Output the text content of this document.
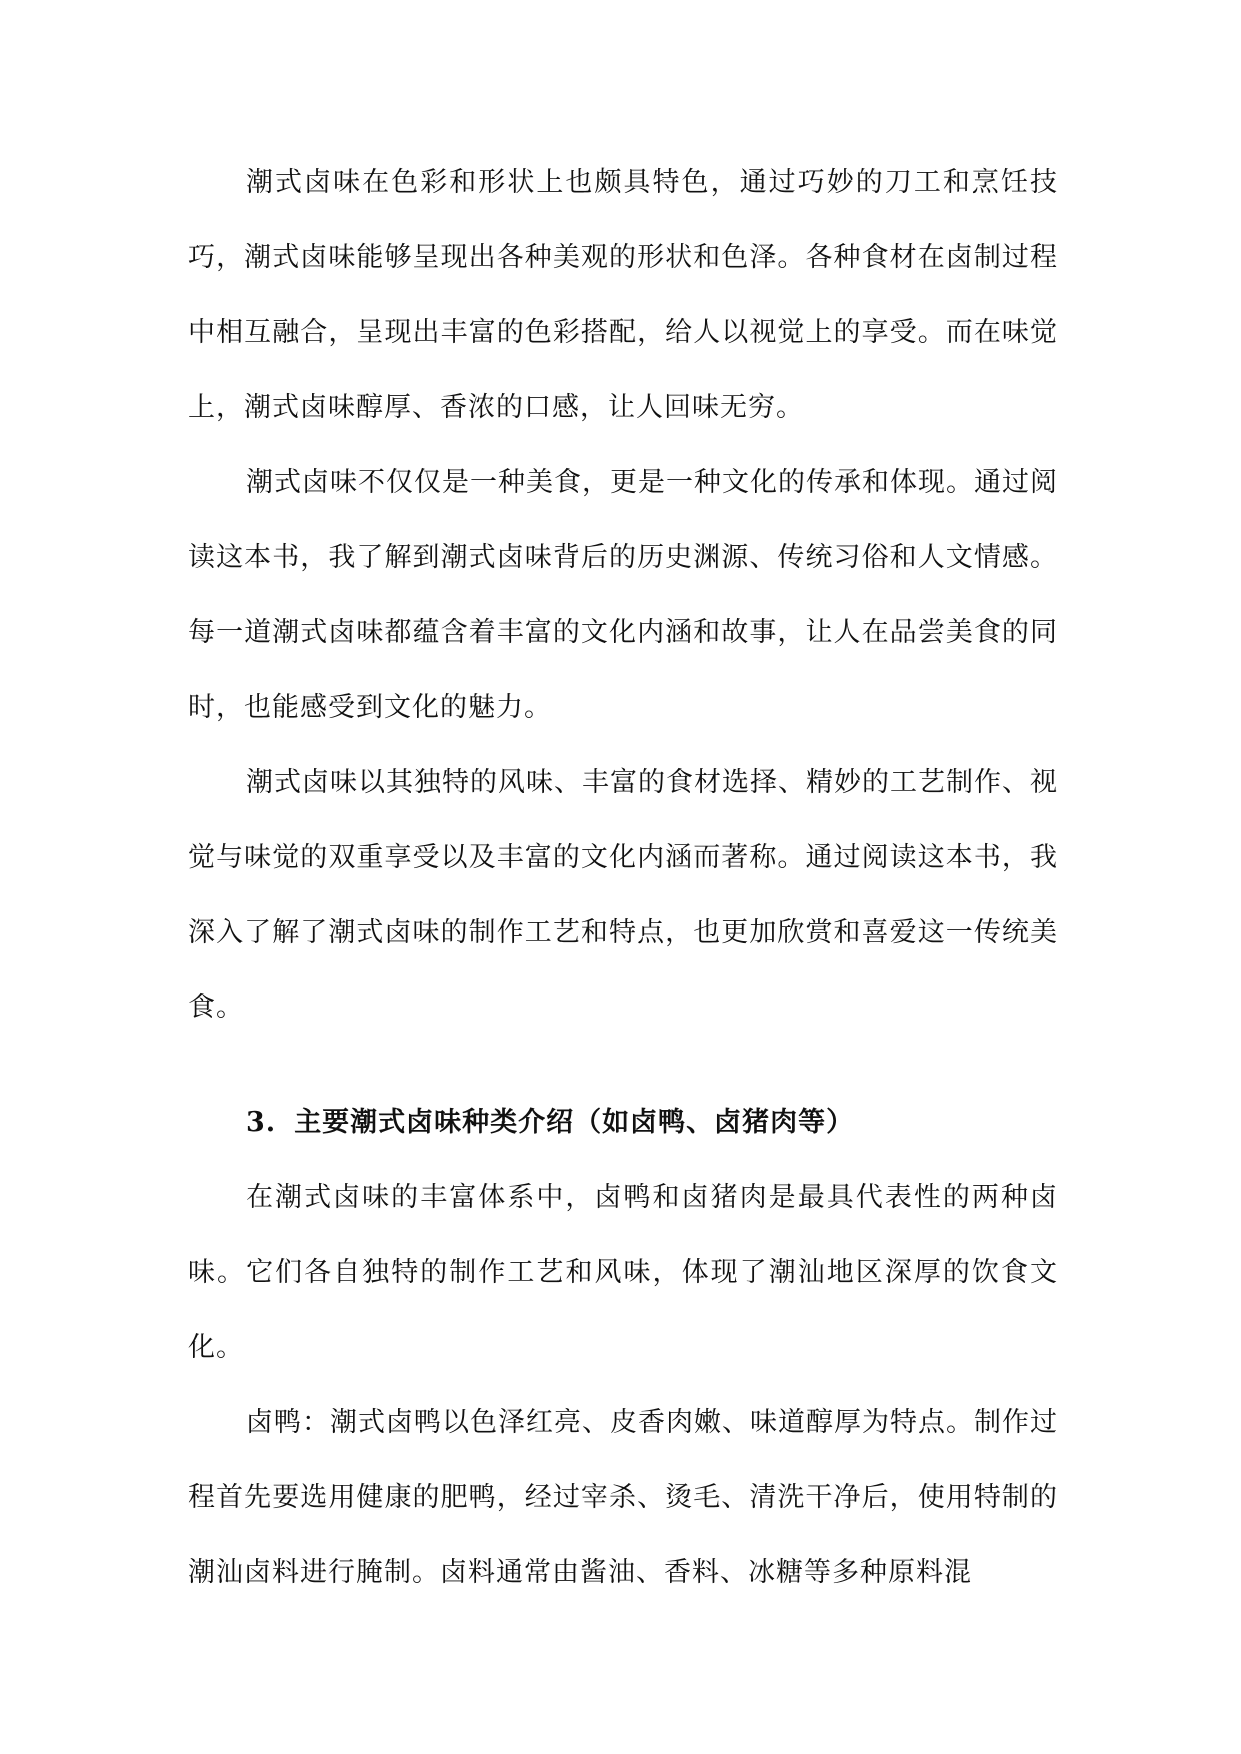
潮式卤味在色彩和形状上也颇具特色，通过巧妙的刀工和烹饪技巧，潮式卤味能够呈现出各种美观的形状和色泽。各种食材在卤制过程中相互融合，呈现出丰富的色彩搭配，给人以视觉上的享受。而在味觉上，潮式卤味醇厚、香浓的口感，让人回味无穷。

潮式卤味不仅仅是一种美食，更是一种文化的传承和体现。通过阅读这本书，我了解到潮式卤味背后的历史渊源、传统习俗和人文情感。每一道潮式卤味都蕴含着丰富的文化内涵和故事，让人在品尝美食的同时，也能感受到文化的魅力。

潮式卤味以其独特的风味、丰富的食材选择、精妙的工艺制作、视觉与味觉的双重享受以及丰富的文化内涵而著称。通过阅读这本书，我深入了解了潮式卤味的制作工艺和特点，也更加欣赏和喜爱这一传统美食。

3. 主要潮式卤味种类介绍（如卤鸭、卤猪肉等）

在潮式卤味的丰富体系中，卤鸭和卤猪肉是最具代表性的两种卤味。它们各自独特的制作工艺和风味，体现了潮汕地区深厚的饮食文化。

卤鸭：潮式卤鸭以色泽红亮、皮香肉嫩、味道醇厚为特点。制作过程首先要选用健康的肥鸭，经过宰杀、烫毛、清洗干净后，使用特制的潮汕卤料进行腌制。卤料通常由酱油、香料、冰糖等多种原料混
